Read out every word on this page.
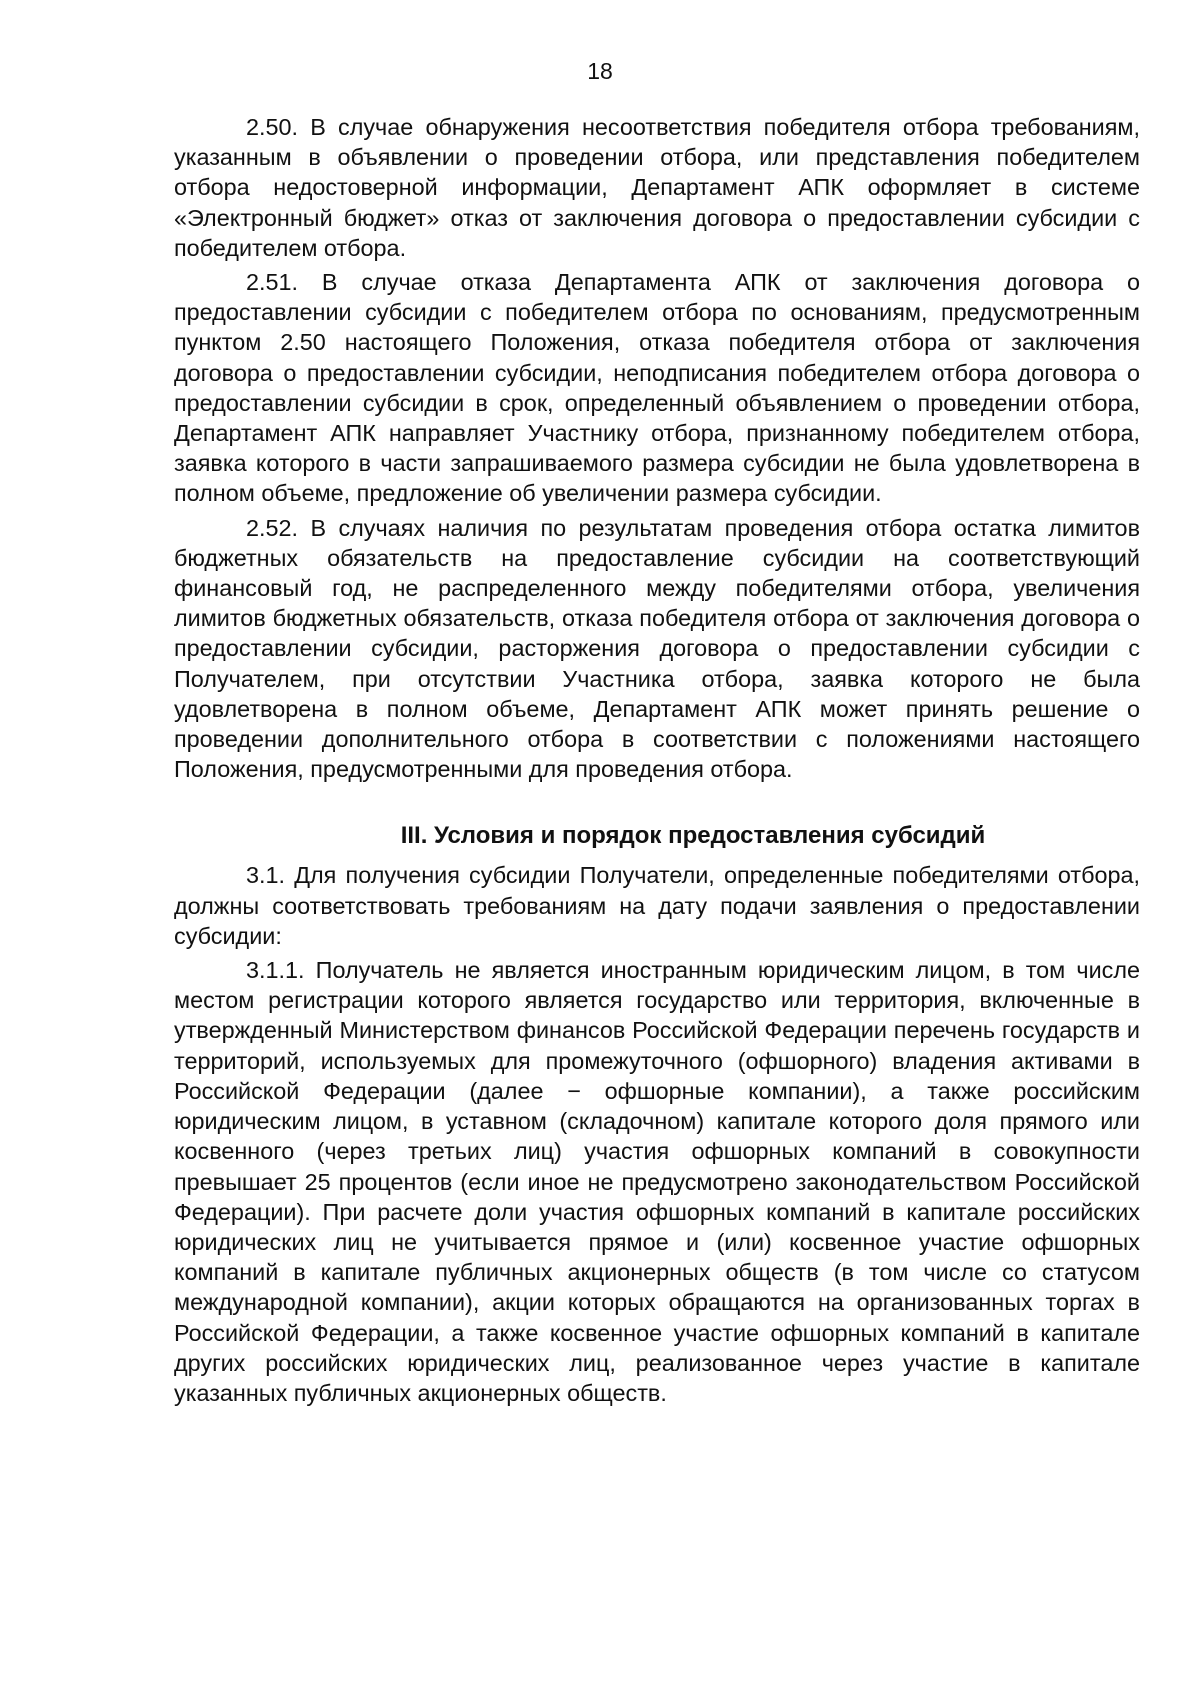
18

2.50. В случае обнаружения несоответствия победителя отбора требованиям, указанным в объявлении о проведении отбора, или представления победителем отбора недостоверной информации, Департамент АПК оформляет в системе «Электронный бюджет» отказ от заключения договора о предоставлении субсидии с победителем отбора.

2.51. В случае отказа Департамента АПК от заключения договора о предоставлении субсидии с победителем отбора по основаниям, предусмотренным пунктом 2.50 настоящего Положения, отказа победителя отбора от заключения договора о предоставлении субсидии, неподписания победителем отбора договора о предоставлении субсидии в срок, определенный объявлением о проведении отбора, Департамент АПК направляет Участнику отбора, признанному победителем отбора, заявка которого в части запрашиваемого размера субсидии не была удовлетворена в полном объеме, предложение об увеличении размера субсидии.

2.52. В случаях наличия по результатам проведения отбора остатка лимитов бюджетных обязательств на предоставление субсидии на соответствующий финансовый год, не распределенного между победителями отбора, увеличения лимитов бюджетных обязательств, отказа победителя отбора от заключения договора о предоставлении субсидии, расторжения договора о предоставлении субсидии с Получателем, при отсутствии Участника отбора, заявка которого не была удовлетворена в полном объеме, Департамент АПК может принять решение о проведении дополнительного отбора в соответствии с положениями настоящего Положения, предусмотренными для проведения отбора.

III. Условия и порядок предоставления субсидий

3.1. Для получения субсидии Получатели, определенные победителями отбора, должны соответствовать требованиям на дату подачи заявления о предоставлении субсидии:

3.1.1. Получатель не является иностранным юридическим лицом, в том числе местом регистрации которого является государство или территория, включенные в утвержденный Министерством финансов Российской Федерации перечень государств и территорий, используемых для промежуточного (офшорного) владения активами в Российской Федерации (далее − офшорные компании), а также российским юридическим лицом, в уставном (складочном) капитале которого доля прямого или косвенного (через третьих лиц) участия офшорных компаний в совокупности превышает 25 процентов (если иное не предусмотрено законодательством Российской Федерации). При расчете доли участия офшорных компаний в капитале российских юридических лиц не учитывается прямое и (или) косвенное участие офшорных компаний в капитале публичных акционерных обществ (в том числе со статусом международной компании), акции которых обращаются на организованных торгах в Российской Федерации, а также косвенное участие офшорных компаний в капитале других российских юридических лиц, реализованное через участие в капитале указанных публичных акционерных обществ.
